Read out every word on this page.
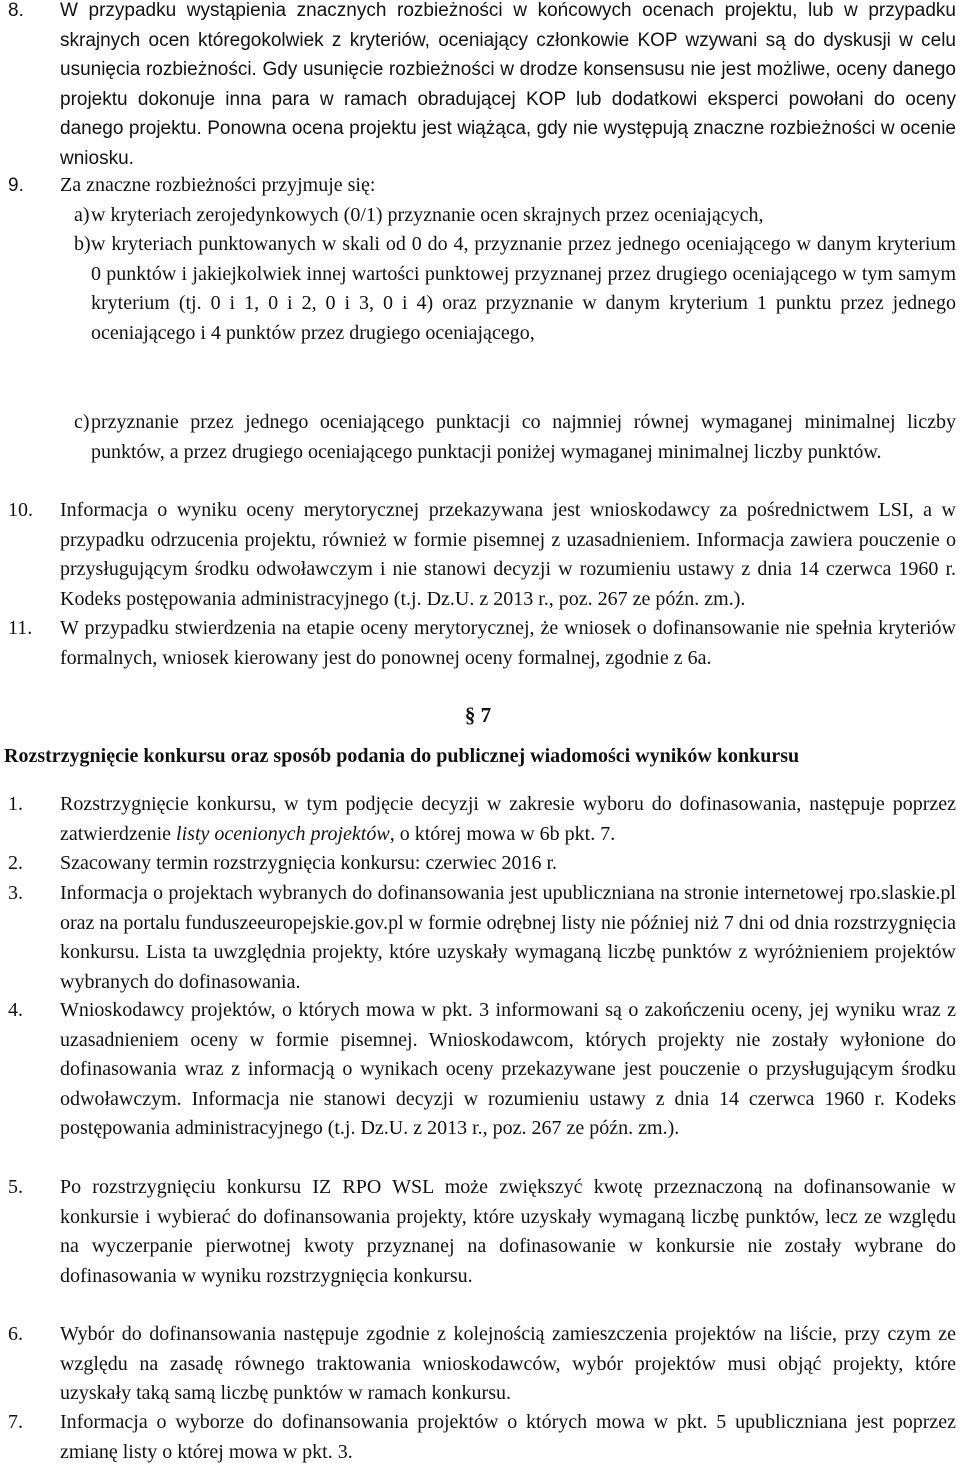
8. W przypadku wystąpienia znacznych rozbieżności w końcowych ocenach projektu, lub w przypadku skrajnych ocen któregokolwiek z kryteriów, oceniający członkowie KOP wzywani są do dyskusji w celu usunięcia rozbieżności. Gdy usunięcie rozbieżności w drodze konsensusu nie jest możliwe, oceny danego projektu dokonuje inna para w ramach obradującej KOP lub dodatkowi eksperci powołani do oceny danego projektu. Ponowna ocena projektu jest wiążąca, gdy nie występują znaczne rozbieżności w ocenie wniosku.
9. Za znaczne rozbieżności przyjmuje się:
a) w kryteriach zerojedynkowych (0/1) przyznanie ocen skrajnych przez oceniających,
b) w kryteriach punktowanych w skali od 0 do 4, przyznanie przez jednego oceniającego w danym kryterium 0 punktów i jakiejkolwiek innej wartości punktowej przyznanej przez drugiego oceniającego w tym samym kryterium (tj. 0 i 1, 0 i 2, 0 i 3, 0 i 4) oraz przyznanie w danym kryterium 1 punktu przez jednego oceniającego i 4 punktów przez drugiego oceniającego,
c) przyznanie przez jednego oceniającego punktacji co najmniej równej wymaganej minimalnej liczby punktów, a przez drugiego oceniającego punktacji poniżej wymaganej minimalnej liczby punktów.
10. Informacja o wyniku oceny merytorycznej przekazywana jest wnioskodawcy za pośrednictwem LSI, a w przypadku odrzucenia projektu, również w formie pisemnej z uzasadnieniem. Informacja zawiera pouczenie o przysługującym środku odwoławczym i nie stanowi decyzji w rozumieniu ustawy z dnia 14 czerwca 1960 r. Kodeks postępowania administracyjnego (t.j. Dz.U. z 2013 r., poz. 267 ze późn. zm.).
11. W przypadku stwierdzenia na etapie oceny merytorycznej, że wniosek o dofinansowanie nie spełnia kryteriów formalnych, wniosek kierowany jest do ponownej oceny formalnej, zgodnie z 6a.
§ 7
Rozstrzygnięcie konkursu oraz sposób podania do publicznej wiadomości wyników konkursu
1. Rozstrzygnięcie konkursu, w tym podjęcie decyzji w zakresie wyboru do dofinasowania, następuje poprzez zatwierdzenie listy ocenionych projektów, o której mowa w 6b pkt. 7.
2. Szacowany termin rozstrzygnięcia konkursu: czerwiec 2016 r.
3. Informacja o projektach wybranych do dofinansowania jest upubliczniana na stronie internetowej rpo.slaskie.pl oraz na portalu funduszeeuropejskie.gov.pl w formie odrębnej listy nie później niż 7 dni od dnia rozstrzygnięcia konkursu. Lista ta uwzględnia projekty, które uzyskały wymaganą liczbę punktów z wyróżnieniem projektów wybranych do dofinasowania.
4. Wnioskodawcy projektów, o których mowa w pkt. 3 informowani są o zakończeniu oceny, jej wyniku wraz z uzasadnieniem oceny w formie pisemnej. Wnioskodawcom, których projekty nie zostały wyłonione do dofinasowania wraz z informacją o wynikach oceny przekazywane jest pouczenie o przysługującym środku odwoławczym. Informacja nie stanowi decyzji w rozumieniu ustawy z dnia 14 czerwca 1960 r. Kodeks postępowania administracyjnego (t.j. Dz.U. z 2013 r., poz. 267 ze późn. zm.).
5. Po rozstrzygnięciu konkursu IZ RPO WSL może zwiększyć kwotę przeznaczoną na dofinansowanie w konkursie i wybierać do dofinansowania projekty, które uzyskały wymaganą liczbę punktów, lecz ze względu na wyczerpanie pierwotnej kwoty przyznanej na dofinasowanie w konkursie nie zostały wybrane do dofinasowania w wyniku rozstrzygnięcia konkursu.
6. Wybór do dofinansowania następuje zgodnie z kolejnością zamieszczenia projektów na liście, przy czym ze względu na zasadę równego traktowania wnioskodawców, wybór projektów musi objąć projekty, które uzyskały taką samą liczbę punktów w ramach konkursu.
7. Informacja o wyborze do dofinansowania projektów o których mowa w pkt. 5 upubliczniana jest poprzez zmianę listy o której mowa w pkt. 3.
